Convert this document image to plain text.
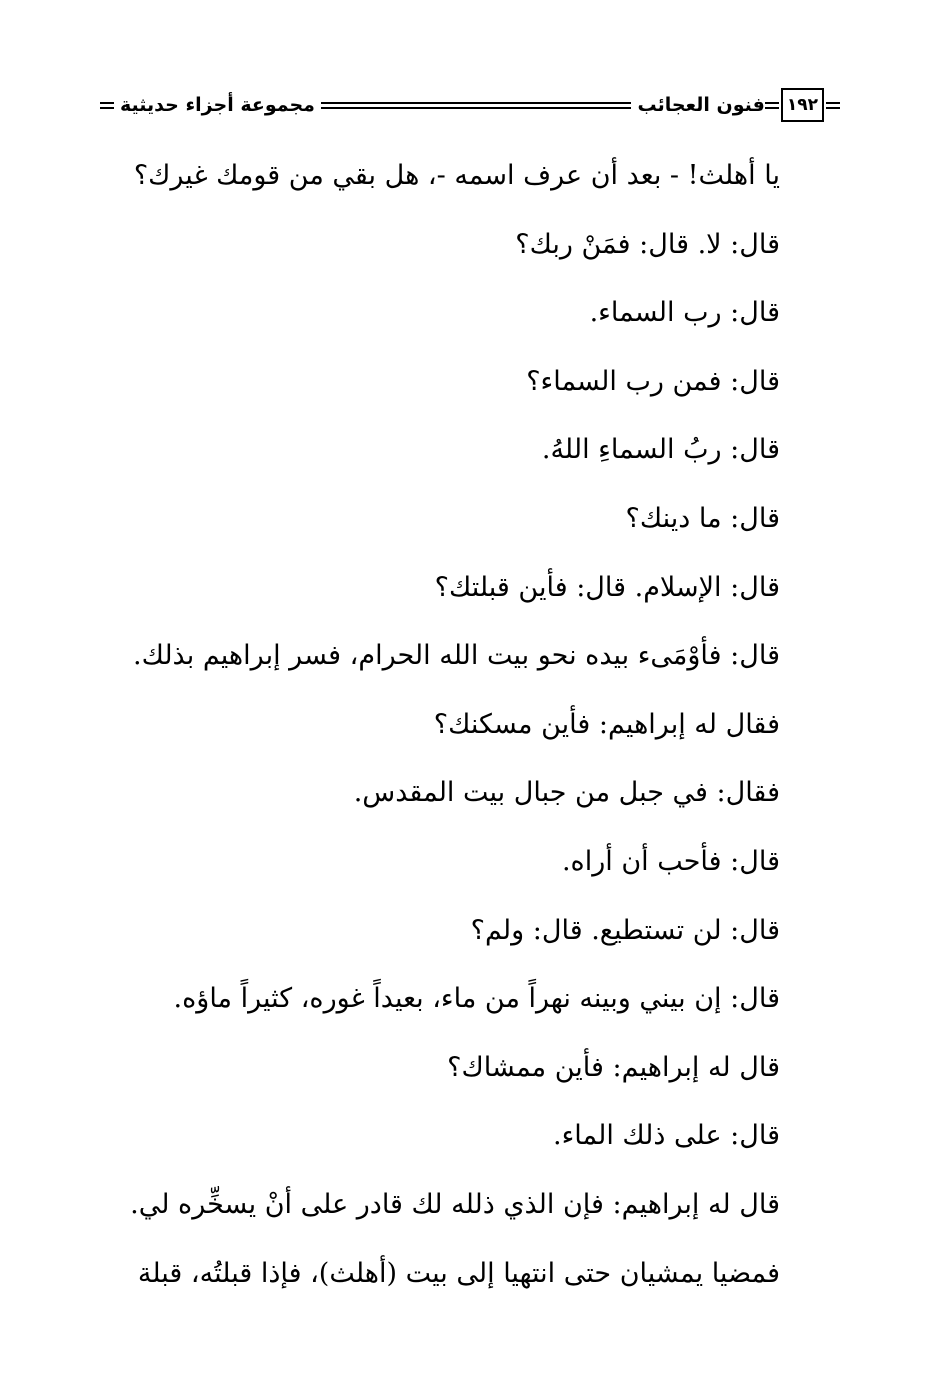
١٩٢
فنون العجائب
مجموعة أجزاء حديثية
يا أهلث! - بعد أن عرف اسمه -، هل بقي من قومك غيرك؟
قال: لا. قال: فمَنْ ربك؟
قال: رب السماء.
قال: فمن رب السماء؟
قال: ربُ السماءِ اللهُ.
قال: ما دينك؟
قال: الإسلام. قال: فأين قبلتك؟
قال: فأوْمَىء بيده نحو بيت الله الحرام، فسر إبراهيم بذلك.
فقال له إبراهيم: فأين مسكنك؟
فقال: في جبل من جبال بيت المقدس.
قال: فأحب أن أراه.
قال: لن تستطيع. قال: ولم؟
قال: إن بيني وبينه نهراً من ماء، بعيداً غوره، كثيراً ماؤه.
قال له إبراهيم: فأين ممشاك؟
قال: على ذلك الماء.
قال له إبراهيم: فإن الذي ذلله لك قادر على أنْ يسخِّره لي.
فمضيا يمشيان حتى انتهيا إلى بيت (أهلث)، فإذا قبلتُه، قبلة
